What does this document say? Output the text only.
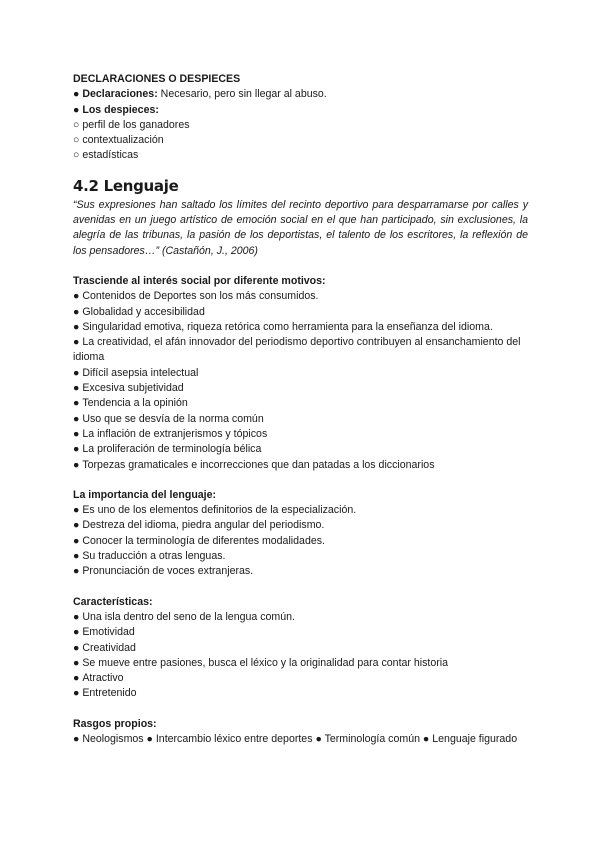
DECLARACIONES O DESPIECES
● Declaraciones: Necesario, pero sin llegar al abuso.
● Los despieces:
○ perfil de los ganadores
○ contextualización
○ estadísticas
4.2 Lenguaje
“Sus expresiones han saltado los límites del recinto deportivo para desparramarse por calles y avenidas en un juego artístico de emoción social en el que han participado, sin exclusiones, la alegría de las tribunas, la pasión de los deportistas, el talento de los escritores, la reflexión de los pensadores…” (Castañón, J., 2006)
Trasciende al interés social por diferente motivos:
● Contenidos de Deportes son los más consumidos.
● Globalidad y accesibilidad
● Singularidad emotiva, riqueza retórica como herramienta para la enseñanza del idioma.
● La creatividad, el afán innovador del periodismo deportivo contribuyen al ensanchamiento del idioma
● Difícil asepsia intelectual
● Excesiva subjetividad
● Tendencia a la opinión
● Uso que se desvía de la norma común
● La inflación de extranjerismos y tópicos
● La proliferación de terminología bélica
● Torpezas gramaticales e incorrecciones que dan patadas a los diccionarios
La importancia del lenguaje:
● Es uno de los elementos definitorios de la especialización.
● Destreza del idioma, piedra angular del periodismo.
● Conocer la terminología de diferentes modalidades.
● Su traducción a otras lenguas.
● Pronunciación de voces extranjeras.
Características:
● Una isla dentro del seno de la lengua común.
● Emotividad
● Creatividad
● Se mueve entre pasiones, busca el léxico y la originalidad para contar historia
● Atractivo
● Entretenido
Rasgos propios:
● Neologismos ● Intercambio léxico entre deportes ● Terminología común ● Lenguaje figurado
